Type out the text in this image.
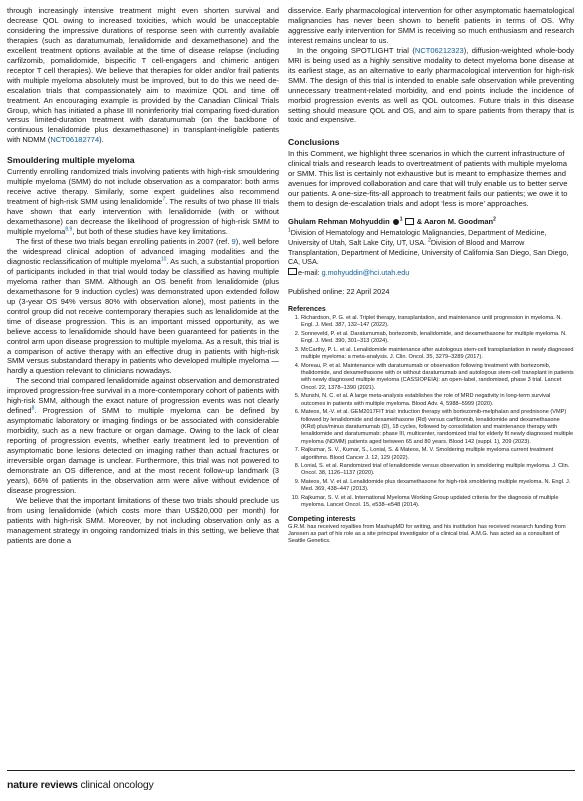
through increasingly intensive treatment might even shorten survival and decrease QOL owing to increased toxicities, which would be unacceptable considering the impressive durations of response seen with currently available therapies (such as daratumumab, lenalidomide and dexamethasone) and the excellent treatment options available at the time of disease relapse (including carfilzomib, pomalidomide, bispecific T cell-engagers and chimeric antigen receptor T cell therapies). We believe that therapies for older and/or frail patients with multiple myeloma absolutely must be improved, but to do this we need de-escalation trials that compassionately aim to maximize QOL and time off treatment. An encouraging example is provided by the Canadian Clinical Trials Group, which has initiated a phase III noninferiority trial comparing fixed-duration versus limited-duration treatment with daratumumab (on the backbone of continuous lenalidomide plus dexamethasone) in transplant-ineligible patients with NDMM (NCT06182774).

Smouldering multiple myeloma

Currently enrolling randomized trials involving patients with high-risk smouldering multiple myeloma (SMM) do not include observation as a comparator: both arms receive active therapy. Similarly, some expert guidelines also recommend treatment of high-risk SMM using lenalidomide$^7$. The results of two phase III trials have shown that early intervention with lenalidomide (with or without dexamethasone) can decrease the likelihood of progression of high-risk SMM to multiple myeloma$^{8,9}$, but both of these studies have key limitations.

The first of these two trials began enrolling patients in 2007 (ref. 9), well before the widespread clinical adoption of advanced imaging modalities and the diagnostic reclassification of multiple myeloma$^{10}$. As such, a substantial proportion of participants included in that trial would today be classified as having multiple myeloma rather than SMM. Although an OS benefit from lenalidomide (plus dexamethasone for 9 induction cycles) was demonstrated upon extended follow up (3-year OS 94% versus 80% with observation alone), most patients in the control group did not receive contemporary therapies such as lenalidomide at the time of disease progression. This is an important missed opportunity, as we believe access to lenalidomide should have been guaranteed for patients in the control arm upon disease progression to multiple myeloma. As a result, this trial is a comparison of active therapy with an effective drug in patients with high-risk SMM versus substandard therapy in patients who developed multiple myeloma — hardly a question relevant to clinicians nowadays.

The second trial compared lenalidomide against observation and demonstrated improved progression-free survival in a more-contemporary cohort of patients with high-risk SMM, although the exact nature of progression events was not clearly defined$^8$. Progression of SMM to multiple myeloma can be defined by asymptomatic laboratory or imaging findings or be associated with considerable morbidity, such as a new fracture or organ damage. Owing to the lack of clear reporting of progression events, whether early treatment led to prevention of asymptomatic bone lesions detected on imaging rather than actual fractures or irreversible organ damage is unclear. Furthermore, this trial was not powered to demonstrate an OS difference, and at the most recent follow-up landmark (3 years), 66% of patients in the observation arm were alive without evidence of disease progression.

We believe that the important limitations of these two trials should preclude us from using lenalidomide (which costs more than US$20,000 per month) for patients with high-risk SMM. Moreover, by not including observation only as a management strategy in ongoing randomized trials in this setting, we believe that patients are done a

disservice. Early pharmacological intervention for other asymptomatic haematological malignancies has never been shown to benefit patients in terms of OS. Why aggressive early intervention for SMM is receiving so much enthusiasm and research interest remains unclear to us.

In the ongoing SPOTLIGHT trial (NCT06212323), diffusion-weighted whole-body MRI is being used as a highly sensitive modality to detect myeloma bone disease at its earliest stage, as an alternative to early pharmacological intervention for high-risk SMM. The design of this trial is intended to enable safe observation while preventing unnecessary treatment-related morbidity, and end points include the incidence of morbid progression events as well as QOL outcomes. Future trials in this disease setting should measure QOL and OS, and aim to spare patients from therapy that is toxic and expensive.

Conclusions

In this Comment, we highlight three scenarios in which the current infrastructure of clinical trials and research leads to overtreatment of patients with multiple myeloma or SMM. This list is certainly not exhaustive but is meant to emphasize themes and avenues for improved collaboration and care that will truly enable us to better serve our patients. A one-size-fits-all approach to treatment fails our patients; we owe it to them to design de-escalation trials and adopt ‘less is more’ approaches.

Ghulam Rehman Mohyuddin $^1$ & Aaron M. Goodman$^2$
$^1$Division of Hematology and Hematologic Malignancies, Department of Medicine, University of Utah, Salt Lake City, UT, USA. $^2$Division of Blood and Marrow Transplantation, Department of Medicine, University of California San Diego, San Diego, CA, USA.
e-mail: g.mohyuddin@hci.utah.edu
Published online: 22 April 2024
References
1. Richardson, P. G. et al. Triplet therapy, transplantation, and maintenance until progression in myeloma. N. Engl. J. Med. 387, 132–147 (2022).
2. Sonneveld, P. et al. Daratumumab, bortezomib, lenalidomide, and dexamethasone for multiple myeloma. N. Engl. J. Med. 390, 301–313 (2024).
3. McCarthy, P. L. et al. Lenalidomide maintenance after autologous stem-cell transplantation in newly diagnosed multiple myeloma: a meta-analysis. J. Clin. Oncol. 35, 3279–3289 (2017).
4. Moreau, P. et al. Maintenance with daratumumab or observation following treatment with bortezomib, thalidomide, and dexamethasone with or without daratumumab and autologous stem-cell transplant in patients with newly diagnosed multiple myeloma (CASSIOPEIA): an open-label, randomised, phase 3 trial. Lancet Oncol. 22, 1378–1390 (2021).
5. Munshi, N. C. et al. A large meta-analysis establishes the role of MRD negativity in long-term survival outcomes in patients with multiple myeloma. Blood Adv. 4, 5988–5999 (2020).
6. Mateos, M.-V. et al. GEM2017FIT trial: induction therapy with bortezomib-melphalan and prednisone (VMP) followed by lenalidomide and dexamethasone (Rd) versus carfilzomib, lenalidomide and dexamethasone (KRd) plus/minus daratumumab (D), 18 cycles, followed by consolidation and maintenance therapy with lenalidomide and daratumumab: phase III, multicenter, randomized trial for elderly fit newly diagnosed multiple myeloma (NDMM) patients aged between 65 and 80 years. Blood 142 (suppl. 1), 209 (2023).
7. Rajkumar, S. V., Kumar, S., Lonial, S. & Mateos, M. V. Smoldering multiple myeloma current treatment algorithms. Blood Cancer J. 12, 129 (2022).
8. Lonial, S. et al. Randomized trial of lenalidomide versus observation in smoldering multiple myeloma. J. Clin. Oncol. 38, 1126–1137 (2020).
9. Mateos, M. V. et al. Lenalidomide plus dexamethasone for high-risk smoldering multiple myeloma. N. Engl. J. Med. 369, 438–447 (2013).
10. Rajkumar, S. V. et al. International Myeloma Working Group updated criteria for the diagnosis of multiple myeloma. Lancet Oncol. 15, e538–e548 (2014).
Competing interests
G.R.M. has received royalties from MashupMD for writing, and his institution has received research funding from Janssen as part of his role as a site principal investigator of a clinical trial. A.M.G. has acted as a consultant of Seattle Genetics.
nature reviews clinical oncology
